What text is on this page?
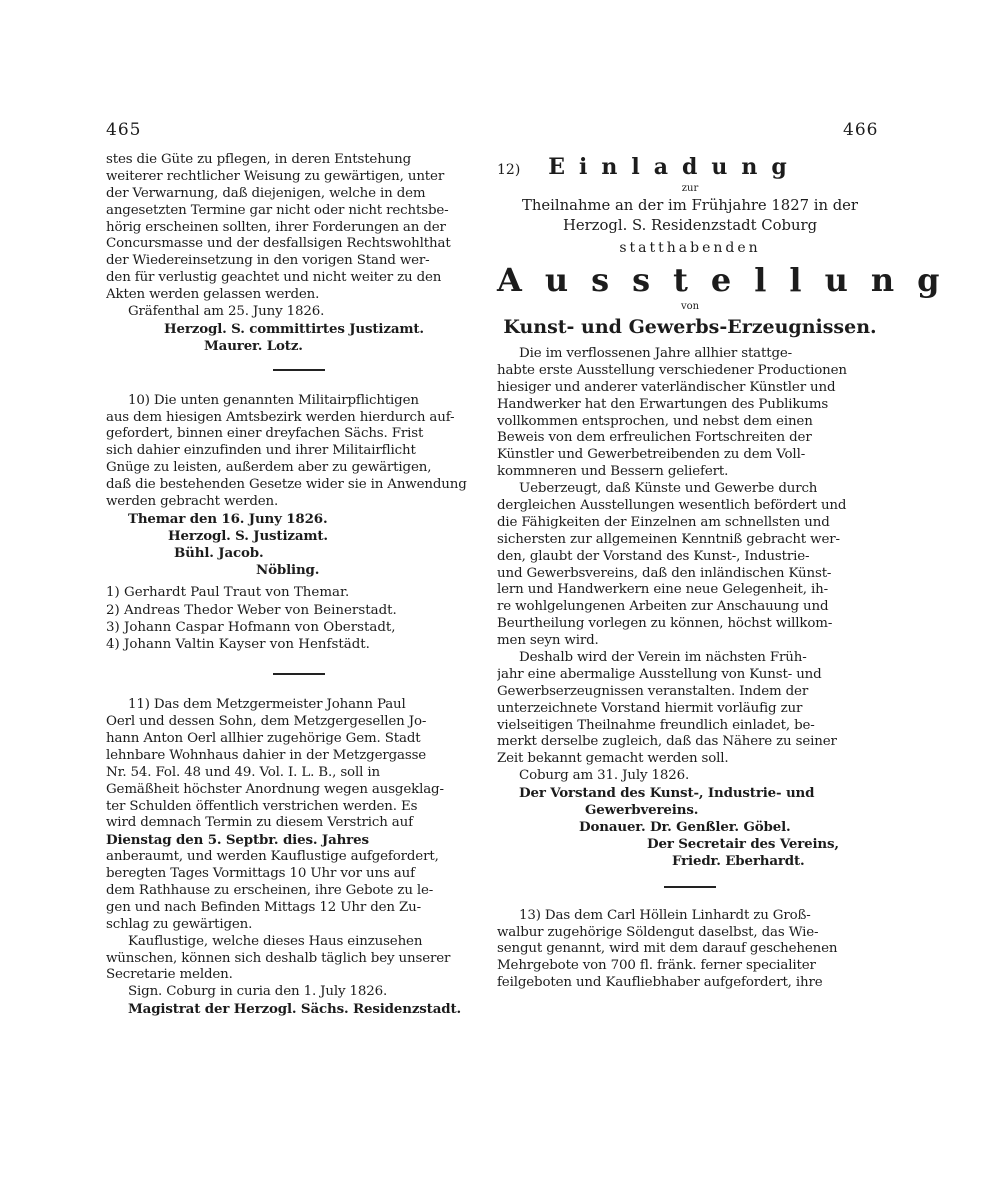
465	466
stes die Güte zu pflegen, in deren Entstehung
weiterer rechtlicher Weisung zu gewärtigen, unter
der Verwarnung, daß diejenigen, welche in dem
angesetzten Termine gar nicht oder nicht rechtsbe-
hörig erscheinen sollten, ihrer Forderungen an der
Concursmasse und der desfallsigen Rechtswohlthat
der Wiedereinsetzung in den vorigen Stand wer-
den für verlustig geachtet und nicht weiter zu den
Akten werden gelassen werden.
Gräfenthal am 25. Juny 1826.
Herzogl. S. committirtes Justizamt.
Maurer. Lotz.
10) Die unten genannten Militairpflichtigen
aus dem hiesigen Amtsbezirk werden hierdurch auf-
gefordert, binnen einer dreyfachen Sächs. Frist
sich dahier einzufinden und ihrer Militairflicht
Gnüge zu leisten, außerdem aber zu gewärtigen,
daß die bestehenden Gesetze wider sie in Anwendung
werden gebracht werden.
Themar den 16. Juny 1826.
Herzogl. S. Justizamt.
Bühl. Jacob.
Nöbling.
1) Gerhardt Paul Traut von Themar.
2) Andreas Thedor Weber von Beinerstadt.
3) Johann Caspar Hofmann von Oberstadt,
4) Johann Valtin Kayser von Henfstädt.
11) Das dem Metzgermeister Johann Paul
Oerl und dessen Sohn, dem Metzgergesellen Jo-
hann Anton Oerl allhier zugehörige Gem. Stadt
lehnbare Wohnhaus dahier in der Metzgergasse
Nr. 54. Fol. 48 und 49. Vol. I. L. B., soll in
Gemäßheit höchster Anordnung wegen ausgeklag-
ter Schulden öffentlich verstrichen werden. Es
wird demnach Termin zu diesem Verstrich auf
Dienstag den 5. Septbr. dies. Jahres
anberaumt, und werden Kauflustige aufgefordert,
beregten Tages Vormittags 10 Uhr vor uns auf
dem Rathhause zu erscheinen, ihre Gebote zu le-
gen und nach Befinden Mittags 12 Uhr den Zu-
schlag zu gewärtigen.
Kauflustige, welche dieses Haus einzusehen
wünschen, können sich deshalb täglich bey unserer
Secretarie melden.
Sign. Coburg in curia den 1. July 1826.
Magistrat der Herzogl. Sächs. Residenzstadt.
12) Einladung
zur
Theilnahme an der im Frühjahre 1827 in der
Herzogl. S. Residenzstadt Coburg
statthabenden
Ausstellung
von
Kunst- und Gewerbs-Erzeugnissen.
Die im verflossenen Jahre allhier stattge-
habte erste Ausstellung verschiedener Productionen
hiesiger und anderer vaterländischer Künstler und
Handwerker hat den Erwartungen des Publikums
vollkommen entsprochen, und nebst dem einen
Beweis von dem erfreulichen Fortschreiten der
Künstler und Gewerbetreibenden zu dem Voll-
kommneren und Bessern geliefert.
Ueberzeugt, daß Künste und Gewerbe durch
dergleichen Ausstellungen wesentlich befördert und
die Fähigkeiten der Einzelnen am schnellsten und
sichersten zur allgemeinen Kenntniß gebracht wer-
den, glaubt der Vorstand des Kunst-, Industrie-
und Gewerbsvereins, daß den inländischen Künst-
lern und Handwerkern eine neue Gelegenheit, ih-
re wohlgelungenen Arbeiten zur Anschauung und
Beurtheilung vorlegen zu können, höchst willkom-
men seyn wird.
Deshalb wird der Verein im nächsten Früh-
jahr eine abermalige Ausstellung von Kunst- und
Gewerbserzeugnissen veranstalten. Indem der
unterzeichnete Vorstand hiermit vorläufig zur
vielseitigen Theilnahme freundlich einladet, be-
merkt derselbe zugleich, daß das Nähere zu seiner
Zeit bekannt gemacht werden soll.
Coburg am 31. July 1826.
Der Vorstand des Kunst-, Industrie- und
Gewerbvereins.
Donauer. Dr. Genßler. Göbel.
Der Secretair des Vereins,
Friedr. Eberhardt.
13) Das dem Carl Höllein Linhardt zu Groß-
walbur zugehörige Söldengut daselbst, das Wie-
sengut genannt, wird mit dem darauf geschehenen
Mehrgebote von 700 fl. fränk. ferner specialiter
feilgeboten und Kaufliebhaber aufgefordert, ihre
